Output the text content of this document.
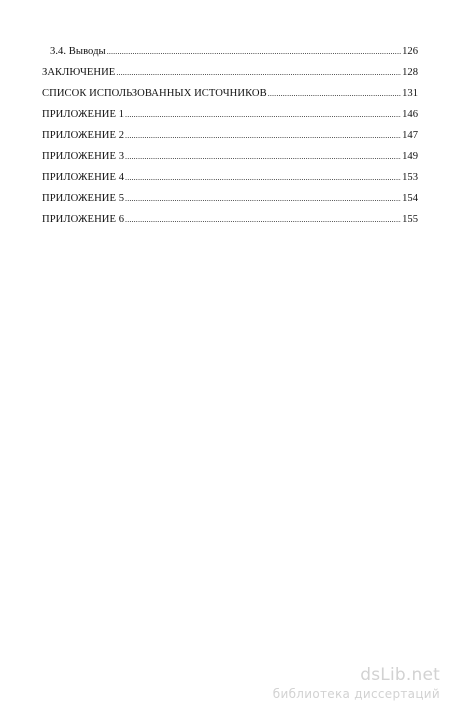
3.4. Выводы .....	126
ЗАКЛЮЧЕНИЕ .....	128
СПИСОК ИСПОЛЬЗОВАННЫХ ИСТОЧНИКОВ .....	131
ПРИЛОЖЕНИЕ 1 .....	146
ПРИЛОЖЕНИЕ 2 .....	147
ПРИЛОЖЕНИЕ 3 .....	149
ПРИЛОЖЕНИЕ 4 .....	153
ПРИЛОЖЕНИЕ 5 .....	154
ПРИЛОЖЕНИЕ 6 .....	155
dsLib.net
библиотека диссертаций
